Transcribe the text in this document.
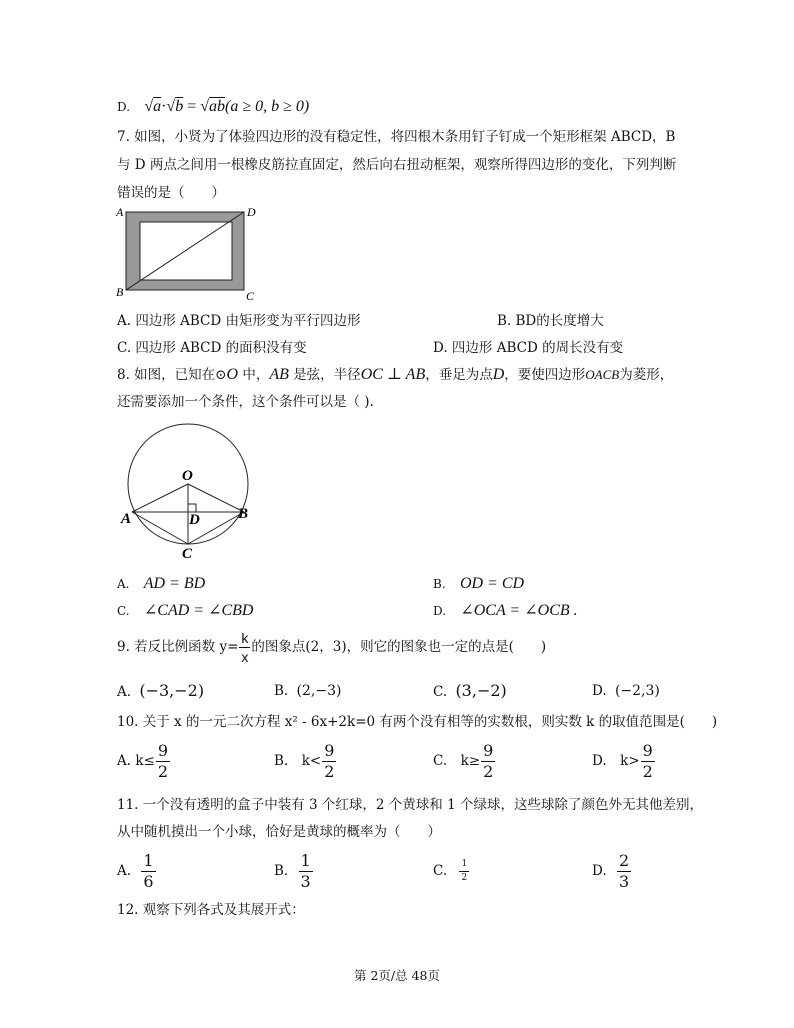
D. √a·√b = √ab(a ≥ 0, b ≥ 0)
7. 如图，小贤为了体验四边形的没有稳定性，将四根木条用钉子钉成一个矩形框架 ABCD，B
与 D 两点之间用一根橡皮筋拉直固定，然后向右扭动框架，观察所得四边形的变化，下列判断
错误的是（　　）
A	D
B	C
A. 四边形 ABCD 由矩形变为平行四边形	B. BD的长度增大
C. 四边形 ABCD 的面积没有变	D. 四边形 ABCD 的周长没有变
8. 如图，已知在⊙O 中，AB 是弦，半径OC ⊥ AB，垂足为点D，要使四边形OACB为菱形，
还需要添加一个条件，这个条件可以是（ ).
O
A	B
C
D
A. AD = BD	B. OD = CD
C. ∠CAD = ∠CBD	D. ∠OCA = ∠OCB .
9. 若反比例函数 $y= \frac{k}{x}$ 的图象点(2，3)，则它的图象也一定的点是(　　)
A. (−3,−2)	B. (2,−3)	C. (3,−2)	D. (−2,3)
10. 关于 x 的一元二次方程 x² - 6x+2k=0 有两个没有相等的实数根，则实数 k 的取值范围是(　　)
A. $k\le \frac{9}{2}$	B.　$k< \frac{9}{2}$	C.　$k\ge \frac{9}{2}$	D.　$k> \frac{9}{2}$
11. 一个没有透明的盒子中装有 3 个红球，2 个黄球和 1 个绿球，这些球除了颜色外无其他差别，
从中随机摸出一个小球，恰好是黄球的概率为（　　）
A. $\frac{1}{6}$	B. $\frac{1}{3}$	C. $\frac{1}{2}$	D. $\frac{2}{3}$
12. 观察下列各式及其展开式：
第 2页/总 48页
